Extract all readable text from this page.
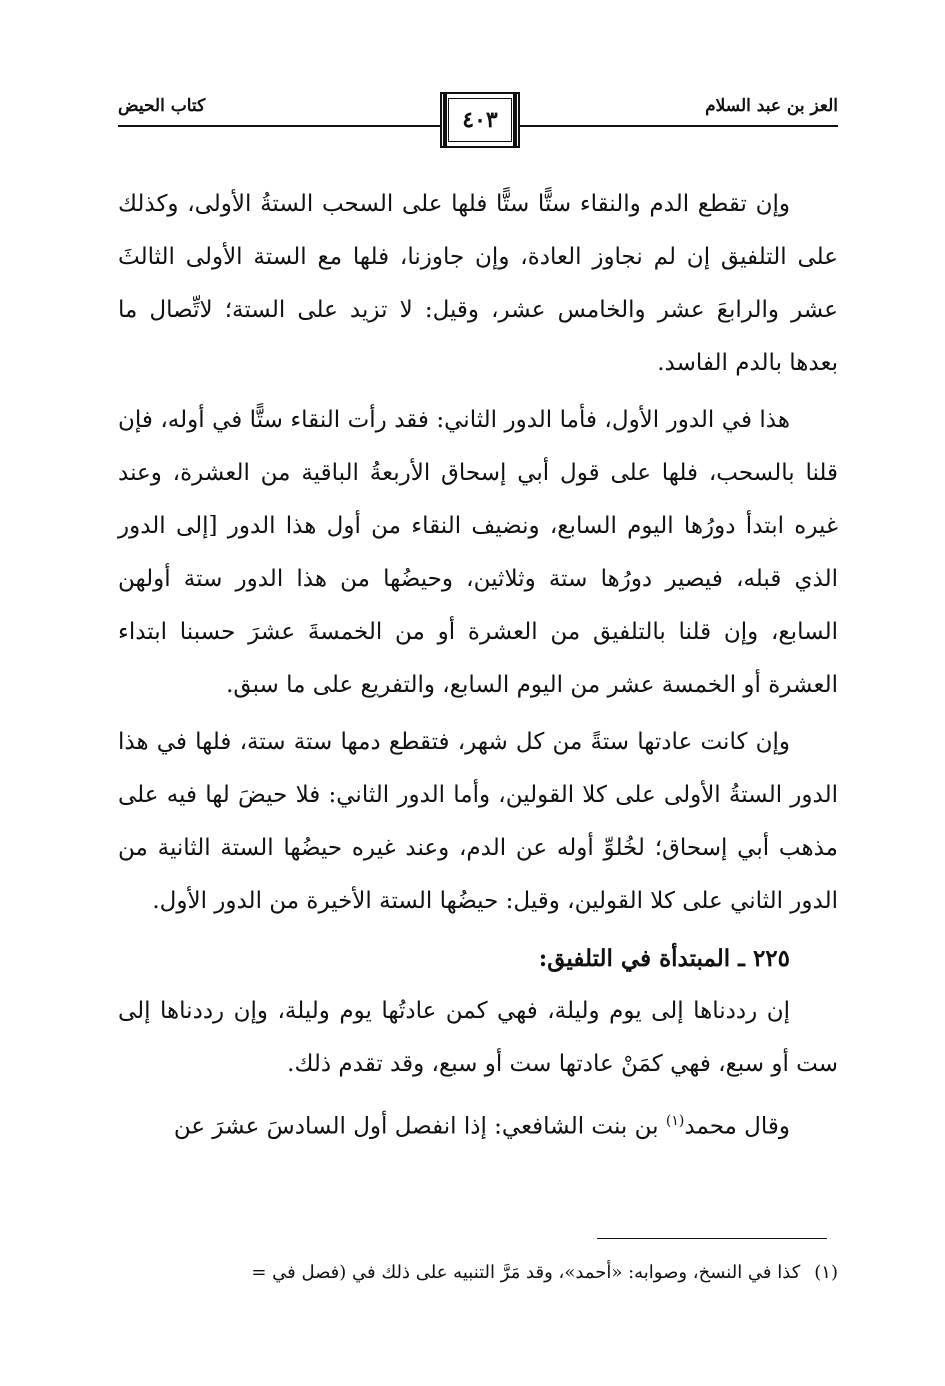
العز بن عبد السلام
كتاب الحيض
٤٠٣

وإن تقطع الدم والنقاء ستًّا ستًّا فلها على السحب الستةُ الأولى، وكذلك على التلفيق إن لم نجاوز العادة، وإن جاوزنا، فلها مع الستة الأولى الثالثَ عشر والرابعَ عشر والخامس عشر، وقيل: لا تزيد على الستة؛ لاتِّصال ما بعدها بالدم الفاسد.

هذا في الدور الأول، فأما الدور الثاني: فقد رأت النقاء ستًّا في أوله، فإن قلنا بالسحب، فلها على قول أبي إسحاق الأربعةُ الباقية من العشرة، وعند غيره ابتدأ دورُها اليوم السابع، ونضيف النقاء من أول هذا الدور [إلى الدور الذي قبله، فيصير دورُها ستة وثلاثين، وحيضُها من هذا الدور ستة أولهن السابع، وإن قلنا بالتلفيق من العشرة أو من الخمسةَ عشرَ حسبنا ابتداء العشرة أو الخمسة عشر من اليوم السابع، والتفريع على ما سبق.

وإن كانت عادتها ستةً من كل شهر، فتقطع دمها ستة ستة، فلها في هذا الدور الستةُ الأولى على كلا القولين، وأما الدور الثاني: فلا حيضَ لها فيه على مذهب أبي إسحاق؛ لخُلوِّ أوله عن الدم، وعند غيره حيضُها الستة الثانية من الدور الثاني على كلا القولين، وقيل: حيضُها الستة الأخيرة من الدور الأول.

٢٢٥ ـ المبتدأة في التلفيق:

إن رددناها إلى يوم وليلة، فهي كمن عادتُها يوم وليلة، وإن رددناها إلى ست أو سبع، فهي كمَنْ عادتها ست أو سبع، وقد تقدم ذلك.

وقال محمد$^{(١)}$ بن بنت الشافعي: إذا انفصل أول السادسَ عشرَ عن

(١)كذا في النسخ، وصوابه: «أحمد»، وقد مَرَّ التنبيه على ذلك في (فصل في =
